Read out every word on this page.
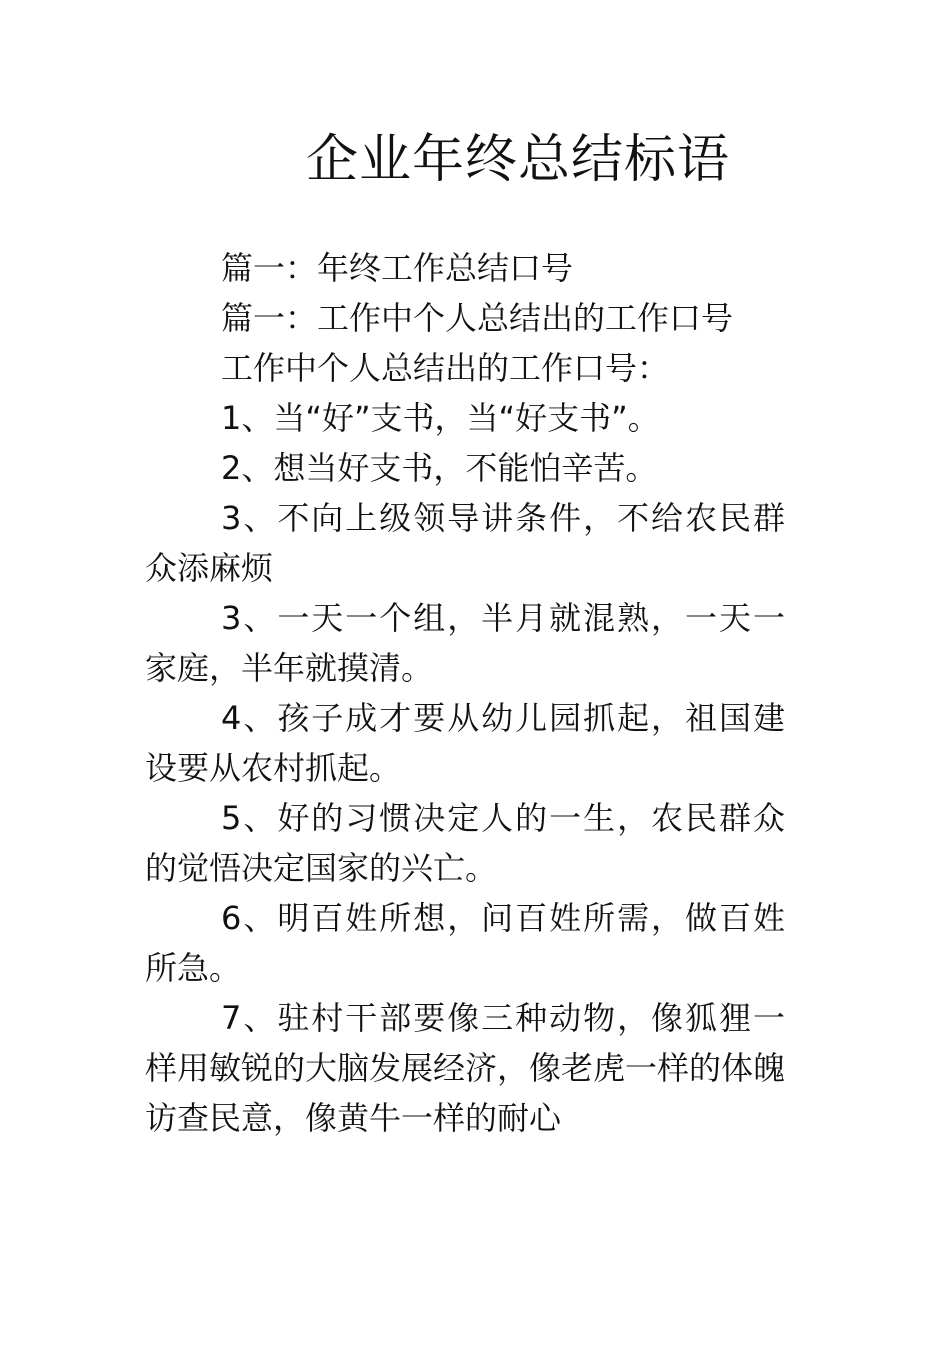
企业年终总结标语

篇一：年终工作总结口号

篇一：工作中个人总结出的工作口号

工作中个人总结出的工作口号：

1、当“好”支书，当“好支书”。

2、想当好支书，不能怕辛苦。

3、不向上级领导讲条件，不给农民群众添麻烦

3、一天一个组，半月就混熟，一天一家庭，半年就摸清。

4、孩子成才要从幼儿园抓起，祖国建设要从农村抓起。

5、好的习惯决定人的一生，农民群众的觉悟决定国家的兴亡。

6、明百姓所想，问百姓所需，做百姓所急。

7、驻村干部要像三种动物，像狐狸一样用敏锐的大脑发展经济，像老虎一样的体魄访查民意，像黄牛一样的耐心
